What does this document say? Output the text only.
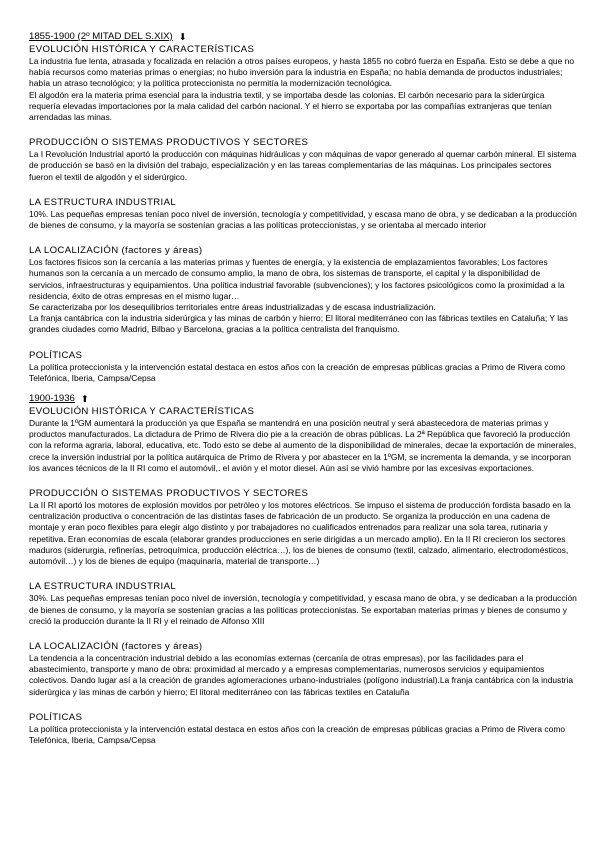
1855-1900 (2º MITAD DEL S.XIX) ⬇
EVOLUCIÓN HISTÓRICA Y CARACTERÍSTICAS

La industria fue lenta, atrasada y focalizada en relación a otros países europeos, y hasta 1855 no cobró fuerza en España. Esto se debe a que no había recursos como materias primas o energías; no hubo inversión para la industria en España; no había demanda de productos industriales; había un atraso tecnológico; y la política proteccionista no permitía la modernización tecnológica.

El algodón era la materia prima esencial para la industria textil, y se importaba desde las colonias. El carbón necesario para la siderúrgica requería elevadas importaciones por la mala calidad del carbón nacional. Y el hierro se exportaba por las compañías extranjeras que tenían arrendadas las minas.

PRODUCCIÓN O SISTEMAS PRODUCTIVOS Y SECTORES

La I Revolución Industrial aportó la producción con máquinas hidráulicas y con máquinas de vapor generado al quemar carbón mineral. El sistema de producción se basó en la división del trabajo, especialización y en las tareas complementarias de las máquinas. Los principales sectores fueron el textil de algodón y el siderúrgico.

LA ESTRUCTURA INDUSTRIAL

10%. Las pequeñas empresas tenían poco nivel de inversión, tecnología y competitividad, y escasa mano de obra, y se dedicaban a la producción de bienes de consumo, y la mayoría se sostenían gracias a las políticas proteccionistas, y se orientaba al mercado interior

LA LOCALIZACIÓN (factores y áreas)

Los factores físicos son la cercanía a las materias primas y fuentes de energía, y la existencia de emplazamientos favorables; Los factores humanos son la cercanía a un mercado de consumo amplio, la mano de obra, los sistemas de transporte, el capital y la disponibilidad de servicios, infraestructuras y equipamientos. Una política industrial favorable (subvenciones); y los factores psicológicos como la proximidad a la residencia, éxito de otras empresas en el mismo lugar…

Se caracterizaba por los desequilibrios territoriales entre áreas industrializadas y de escasa industrialización.

La franja cantábrica con la industria siderúrgica y las minas de carbón y hierro; El litoral mediterráneo con las fábricas textiles en Cataluña; Y las grandes ciudades como Madrid, Bilbao y Barcelona, gracias a la política centralista del franquismo.

POLÍTICAS

La política proteccionista y la intervención estatal destaca en estos años con la creación de empresas públicas gracias a Primo de Rivera como Telefónica, Iberia, Campsa/Cepsa

1900-1936 ⬆
EVOLUCIÓN HISTÓRICA Y CARACTERÍSTICAS

Durante la 1ºGM aumentará la producción ya que España se mantendrá en una posición neutral y será abastecedora de materias primas y productos manufacturados. La dictadura de Primo de Rivera dio pie a la creación de obras públicas. La 2ª República que favoreció la producción con la reforma agraria, laboral, educativa, etc. Todo esto se debe al aumento de la disponibilidad de minerales, decae la exportación de minerales, crece la inversión industrial por la política autárquica de Primo de Rivera y por abastecer en la 1ºGM, se incrementa la demanda, y se incorporan los avances técnicos de la II RI como el automóvil,. el avión y el motor diesel. Aún así se vivió hambre por las excesivas exportaciones.

PRODUCCIÓN O SISTEMAS PRODUCTIVOS Y SECTORES

La II RI aportó los motores de explosión movidos por petróleo y los motores eléctricos. Se impuso el sistema de producción fordista basado en la centralización productiva o concentración de las distintas fases de fabricación de un producto. Se organiza la producción en una cadena de montaje y eran poco flexibles para elegir algo distinto y por trabajadores no cualificados entrenados para realizar una sola tarea, rutinaria y repetitiva. Eran economías de escala (elaborar grandes producciones en serie dirigidas a un mercado amplio). En la II RI crecieron los sectores maduros (siderurgia, refinerías, petroquímica, producción eléctrica…), los de bienes de consumo (textil, calzado, alimentario, electrodomésticos, automóvil…) y los de bienes de equipo (maquinaria, material de transporte…)

LA ESTRUCTURA INDUSTRIAL

30%. Las pequeñas empresas tenían poco nivel de inversión, tecnología y competitividad, y escasa mano de obra, y se dedicaban a la producción de bienes de consumo, y la mayoría se sostenían gracias a las políticas proteccionistas. Se exportaban materias primas y bienes de consumo y creció la producción durante la II RI y el reinado de Alfonso XIII

LA LOCALIZACIÓN (factores y áreas)

La tendencia a la concentración industrial debido a las economías externas (cercanía de otras empresas), por las facilidades para el abastecimiento, transporte y mano de obra: proximidad al mercado y a empresas complementarias, numerosos servicios y equipamientos colectivos. Dando lugar así a la creación de grandes aglomeraciones urbano-industriales (polígono industrial).La franja cantábrica con la industria siderúrgica y las minas de carbón y hierro; El litoral mediterráneo con las fábricas textiles en Cataluña

POLÍTICAS

La política proteccionista y la intervención estatal destaca en estos años con la creación de empresas públicas gracias a Primo de Rivera como Telefónica, Iberia, Campsa/Cepsa
